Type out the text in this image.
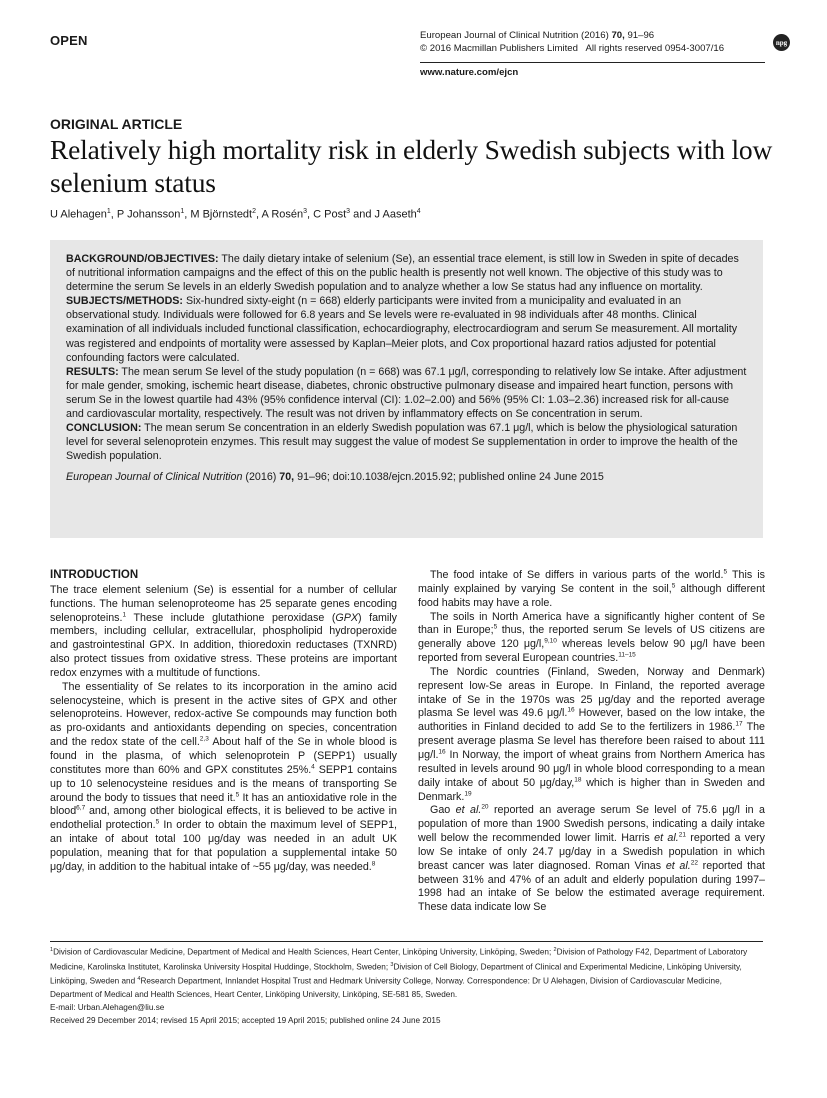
OPEN	European Journal of Clinical Nutrition (2016) 70, 91–96
© 2016 Macmillan Publishers Limited   All rights reserved 0954-3007/16
npg
www.nature.com/ejcn
ORIGINAL ARTICLE
Relatively high mortality risk in elderly Swedish subjects with low selenium status
U Alehagen$^1$, P Johansson$^1$, M Björnstedt$^2$, A Rosén$^3$, C Post$^3$ and J Aaseth$^4$

BACKGROUND/OBJECTIVES: The daily dietary intake of selenium (Se), an essential trace element, is still low in Sweden in spite of decades of nutritional information campaigns and the effect of this on the public health is presently not well known. The objective of this study was to determine the serum Se levels in an elderly Swedish population and to analyze whether a low Se status had any influence on mortality.

SUBJECTS/METHODS: Six-hundred sixty-eight (n = 668) elderly participants were invited from a municipality and evaluated in an observational study. Individuals were followed for 6.8 years and Se levels were re-evaluated in 98 individuals after 48 months. Clinical examination of all individuals included functional classification, echocardiography, electrocardiogram and serum Se measurement. All mortality was registered and endpoints of mortality were assessed by Kaplan–Meier plots, and Cox proportional hazard ratios adjusted for potential confounding factors were calculated.

RESULTS: The mean serum Se level of the study population (n = 668) was 67.1 μg/l, corresponding to relatively low Se intake. After adjustment for male gender, smoking, ischemic heart disease, diabetes, chronic obstructive pulmonary disease and impaired heart function, persons with serum Se in the lowest quartile had 43% (95% confidence interval (CI): 1.02–2.00) and 56% (95% CI: 1.03–2.36) increased risk for all-cause and cardiovascular mortality, respectively. The result was not driven by inflammatory effects on Se concentration in serum.

CONCLUSION: The mean serum Se concentration in an elderly Swedish population was 67.1 μg/l, which is below the physiological saturation level for several selenoprotein enzymes. This result may suggest the value of modest Se supplementation in order to improve the health of the Swedish population.

European Journal of Clinical Nutrition (2016) 70, 91–96; doi:10.1038/ejcn.2015.92; published online 24 June 2015

INTRODUCTION

The trace element selenium (Se) is essential for a number of cellular functions. The human selenoproteome has 25 separate genes encoding selenoproteins.$^1$ These include glutathione peroxidase (GPX) family members, including cellular, extracellular, phospholipid hydroperoxide and gastrointestinal GPX. In addition, thioredoxin reductases (TXNRD) also protect tissues from oxidative stress. These proteins are important redox enzymes with a multitude of functions.

The essentiality of Se relates to its incorporation in the amino acid selenocysteine, which is present in the active sites of GPX and other selenoproteins. However, redox-active Se compounds may function both as pro-oxidants and antioxidants depending on species, concentration and the redox state of the cell.$^{2,3}$ About half of the Se in whole blood is found in the plasma, of which selenoprotein P (SEPP1) usually constitutes more than 60% and GPX constitutes 25%.$^4$ SEPP1 contains up to 10 selenocysteine residues and is the means of transporting Se around the body to tissues that need it.$^5$ It has an antioxidative role in the blood$^{6,7}$ and, among other biological effects, it is believed to be active in endothelial protection.$^5$ In order to obtain the maximum level of SEPP1, an intake of about total 100 μg/day was needed in an adult UK population, meaning that for that population a supplemental intake 50 μg/day, in addition to the habitual intake of ~55 μg/day, was needed.$^8$

The food intake of Se differs in various parts of the world.$^5$ This is mainly explained by varying Se content in the soil,$^5$ although different food habits may have a role.

The soils in North America have a significantly higher content of Se than in Europe;$^5$ thus, the reported serum Se levels of US citizens are generally above 120 μg/l,$^{9,10}$ whereas levels below 90 μg/l have been reported from several European countries.$^{11-15}$

The Nordic countries (Finland, Sweden, Norway and Denmark) represent low-Se areas in Europe. In Finland, the reported average intake of Se in the 1970s was 25 μg/day and the reported average plasma Se level was 49.6 μg/l.$^{16}$ However, based on the low intake, the authorities in Finland decided to add Se to the fertilizers in 1986.17 The present average plasma Se level has therefore been raised to about 111 μg/l.$^{16}$ In Norway, the import of wheat grains from Northern America has resulted in levels around 90 μg/l in whole blood corresponding to a mean daily intake of about 50 μg/day,$^{18}$ which is higher than in Sweden and Denmark.$^{19}$

Gao et al.$^{20}$ reported an average serum Se level of 75.6 μg/l in a population of more than 1900 Swedish persons, indicating a daily intake well below the recommended lower limit. Harris et al.$^{21}$ reported a very low Se intake of only 24.7 μg/day in a Swedish population in which breast cancer was later diagnosed. Roman Vinas et al.$^{22}$ reported that between 31% and 47% of an adult and elderly population during 1997–1998 had an intake of Se below the estimated average requirement. These data indicate low Se

$^1$Division of Cardiovascular Medicine, Department of Medical and Health Sciences, Heart Center, Linköping University, Linköping, Sweden; $^2$Division of Pathology F42, Department of Laboratory Medicine, Karolinska Institutet, Karolinska University Hospital Huddinge, Stockholm, Sweden; $^3$Division of Cell Biology, Department of Clinical and Experimental Medicine, Linköping University, Linköping, Sweden and $^4$Research Department, Innlandet Hospital Trust and Hedmark University College, Norway. Correspondence: Dr U Alehagen, Division of Cardiovascular Medicine, Department of Medical and Health Sciences, Heart Center, Linköping University, Linköping, SE-581 85, Sweden.

E-mail: Urban.Alehagen@liu.se

Received 29 December 2014; revised 15 April 2015; accepted 19 April 2015; published online 24 June 2015
